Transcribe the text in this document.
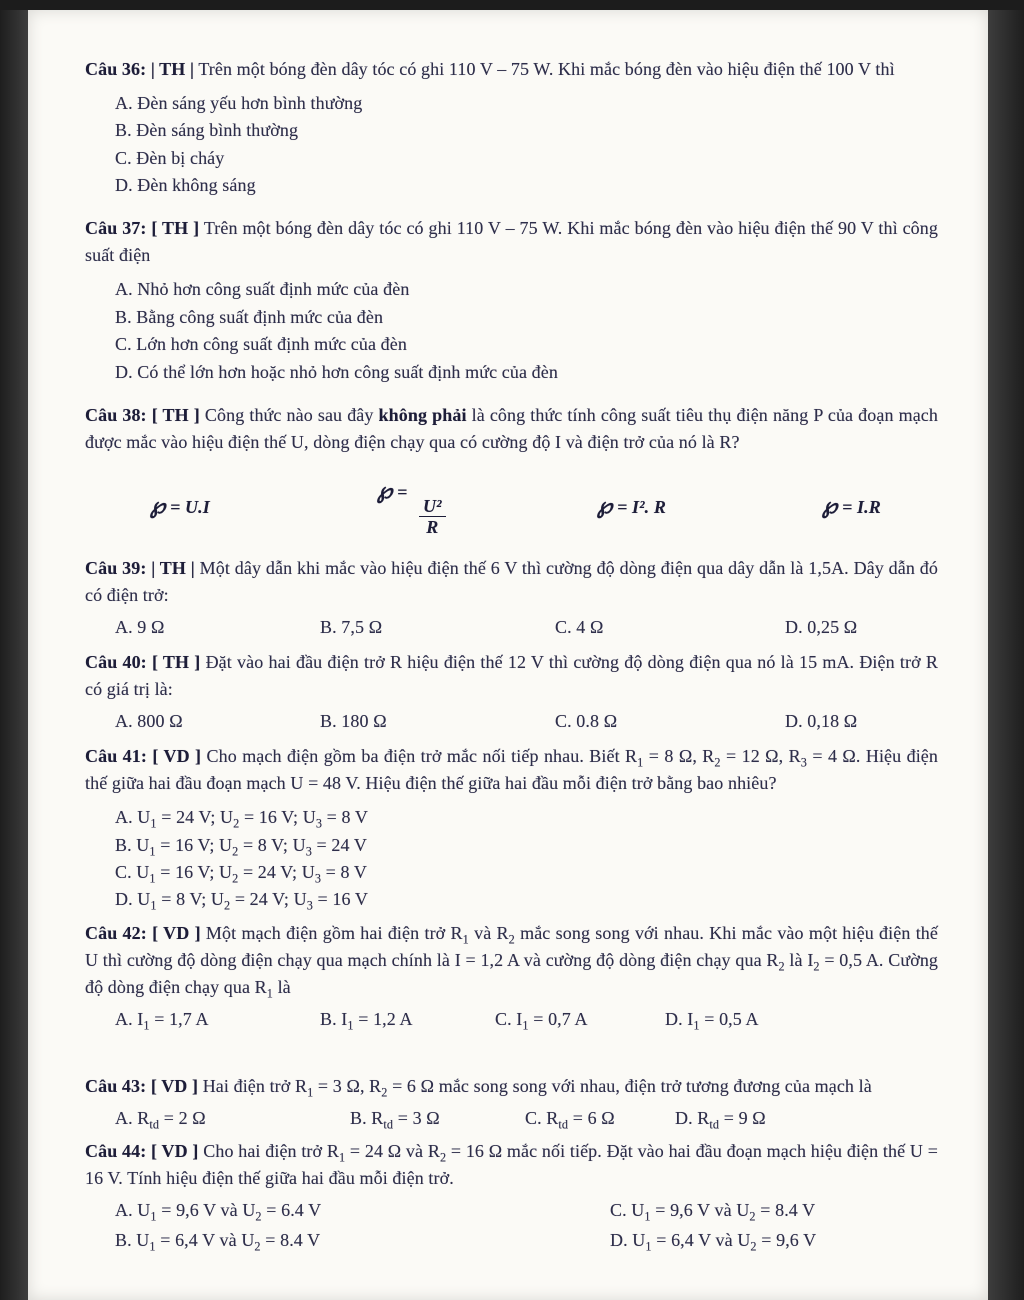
Câu 36: | TH | Trên một bóng đèn dây tóc có ghi 110 V – 75 W. Khi mắc bóng đèn vào hiệu điện thế 100 V thì

A. Đèn sáng yếu hơn bình thường
B. Đèn sáng bình thường
C. Đèn bị cháy
D. Đèn không sáng

Câu 37: [ TH ] Trên một bóng đèn dây tóc có ghi 110 V – 75 W. Khi mắc bóng đèn vào hiệu điện thế 90 V thì công suất điện

A. Nhỏ hơn công suất định mức của đèn
B. Bằng công suất định mức của đèn
C. Lớn hơn công suất định mức của đèn
D. Có thể lớn hơn hoặc nhỏ hơn công suất định mức của đèn

Câu 38: [ TH ] Công thức nào sau đây không phải là công thức tính công suất tiêu thụ điện năng P của đoạn mạch được mắc vào hiệu điện thế U, dòng điện chạy qua có cường độ I và điện trở của nó là R?

℘ = U.I
℘ =
$\frac{\text{U²}}{R}$	℘ = I². R	℘ = I.R

Câu 39: | TH | Một dây dẫn khi mắc vào hiệu điện thế 6 V thì cường độ dòng điện qua dây dẫn là 1,5A. Dây dẫn đó có điện trở:

A. 9 Ω	B. 7,5 Ω	C. 4 Ω	D. 0,25 Ω

Câu 40: [ TH ] Đặt vào hai đầu điện trở R hiệu điện thế 12 V thì cường độ dòng điện qua nó là 15 mA. Điện trở R có giá trị là:

A. 800 Ω	B. 180 Ω	C. 0.8 Ω	D. 0,18 Ω

Câu 41: [ VD ] Cho mạch điện gồm ba điện trở mắc nối tiếp nhau. Biết $R_1 = 8$ Ω, $R_2 = 12$ Ω, $R_3 = 4$ Ω. Hiệu điện thế giữa hai đầu đoạn mạch U = 48 V. Hiệu điện thế giữa hai đầu mỗi điện trở bằng bao nhiêu?

A. $U_1 = 24$ V; $U_2 = 16$ V; $U_3 = 8$ V
B. $U_1 = 16$ V; $U_2 = 8$ V; $U_3 = 24$ V
C. $U_1 = 16$ V; $U_2 = 24$ V; $U_3 = 8$ V
D. $U_1 = 8$ V; $U_2 = 24$ V; $U_3 = 16$ V

Câu 42: [ VD ] Một mạch điện gồm hai điện trở $R_1$ và $R_2$ mắc song song với nhau. Khi mắc vào một hiệu điện thế U thì cường độ dòng điện chạy qua mạch chính là I = 1,2 A và cường độ dòng điện chạy qua $R_2$ là $I_2 = 0,5$ A. Cường độ dòng điện chạy qua $R_1$ là

A. $I_1 = 1,7$ A	B. $I_1 = 1,2$ A	C. $I_1 = 0,7$ A	D. $I_1 = 0,5$ A

Câu 43: [ VD ] Hai điện trở $R_1 = 3$ Ω, $R_2 = 6$ Ω mắc song song với nhau, điện trở tương đương của mạch là

A. $R_{td} = 2$ Ω	B. $R_{td} = 3$ Ω	C. $R_{td} = 6$ Ω	D. $R_{td} = 9$ Ω

Câu 44: [ VD ] Cho hai điện trở $R_1 = 24$ Ω và $R_2 = 16$ Ω mắc nối tiếp. Đặt vào hai đầu đoạn mạch hiệu điện thế U = 16 V. Tính hiệu điện thế giữa hai đầu mỗi điện trở.

A. $U_1 = 9,6$ V và $U_2 = 6.4$ V	C. $U_1 = 9,6$ V và $U_2 = 8.4$ V
B. $U_1 = 6,4$ V và $U_2 = 8.4$ V	D. $U_1 = 6,4$ V và $U_2 = 9,6$ V
